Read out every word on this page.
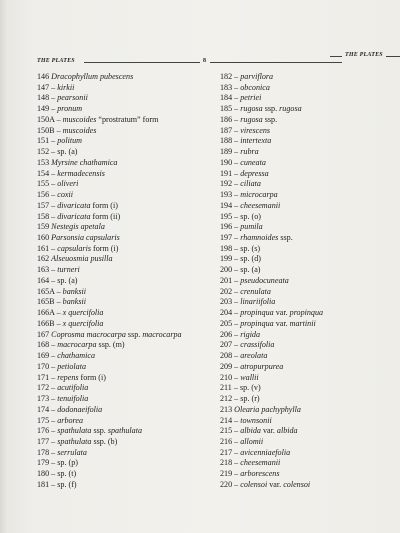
THE PLATES	8
THE PLATES
146 Dracophyllum pubescens
147 – kirkii
148 – pearsonii
149 – pronum
150A – muscoides “prostratum” form
150B – muscoides
151 – politum
152 – sp. (a)
153 Myrsine chathamica
154 – kermadecensis
155 – oliveri
156 – coxii
157 – divaricata form (i)
158 – divaricata form (ii)
159 Nestegis apetala
160 Parsonsia capsularis
161 – capsularis form (i)
162 Alseuosmia pusilla
163 – turneri
164 – sp. (a)
165A – banksii
165B – banksii
166A – x quercifolia
166B – x quercifolia
167 Coprosma macrocarpa ssp. macrocarpa
168 – macrocarpa ssp. (m)
169 – chathamica
170 – petiolata
171 – repens form (i)
172 – acutifolia
173 – tenuifolia
174 – dodonaeifolia
175 – arborea
176 – spathulata ssp. spathulata
177 – spathulata ssp. (b)
178 – serrulata
179 – sp. (p)
180 – sp. (t)
181 – sp. (f)
182 – parviflora
183 – obconica
184 – petriei
185 – rugosa ssp. rugosa
186 – rugosa ssp.
187 – virescens
188 – intertexta
189 – rubra
190 – cuneata
191 – depressa
192 – ciliata
193 – microcarpa
194 – cheesemanii
195 – sp. (o)
196 – pumila
197 – rhamnoides ssp.
198 – sp. (s)
199 – sp. (d)
200 – sp. (a)
201 – pseudocuneata
202 – crenulata
203 – linariifolia
204 – propinqua var. propinqua
205 – propinqua var. martinii
206 – rigida
207 – crassifolia
208 – areolata
209 – atropurpurea
210 – wallii
211 – sp. (v)
212 – sp. (r)
213 Olearia pachyphylla
214 – townsonii
215 – albida var. albida
216 – allomii
217 – avicenniaefolia
218 – cheesemanii
219 – arborescens
220 – colensoi var. colensoi
